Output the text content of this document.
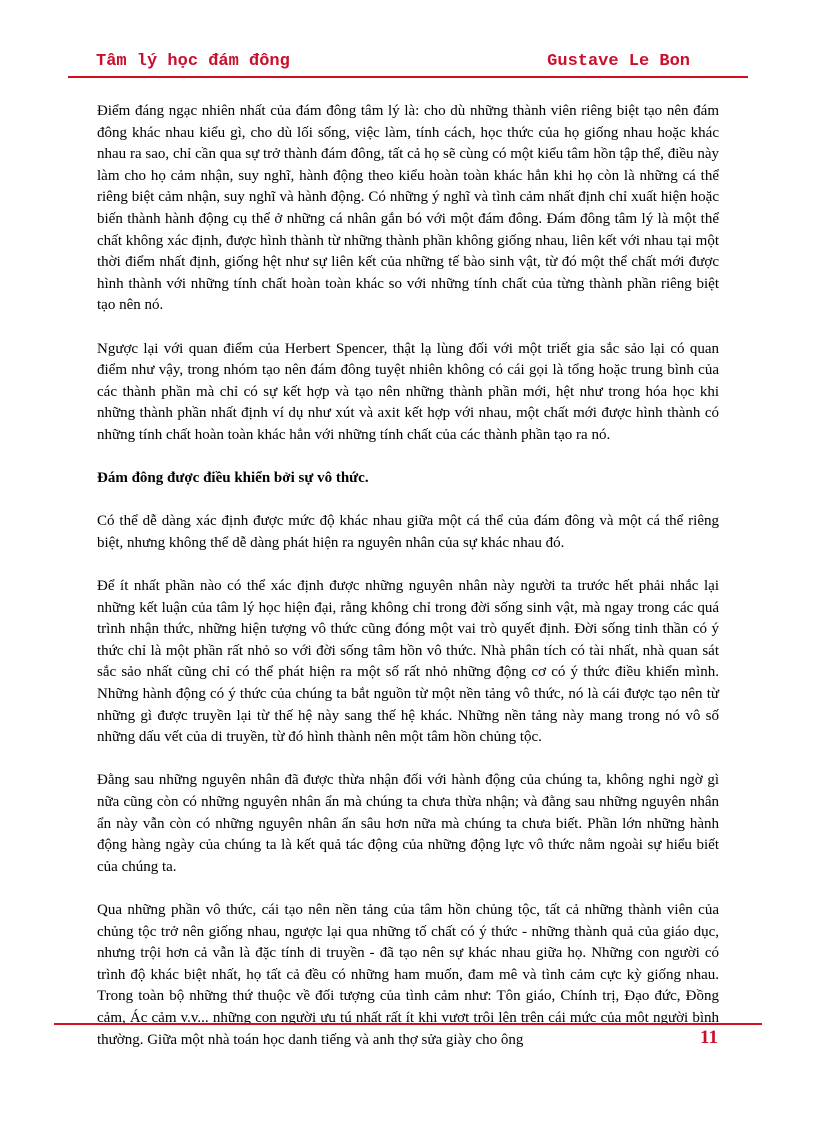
Tâm lý học đám đông	Gustave Le Bon

Điểm đáng ngạc nhiên nhất của đám đông tâm lý là: cho dù những thành viên riêng biệt tạo nên đám đông khác nhau kiểu gì, cho dù lối sống, việc làm, tính cách, học thức của họ giống nhau hoặc khác nhau ra sao, chỉ cần qua sự trở thành đám đông, tất cả họ sẽ cùng có một kiểu tâm hồn tập thể, điều này làm cho họ cảm nhận, suy nghĩ, hành động theo kiểu hoàn toàn khác hẳn khi họ còn là những cá thể riêng biệt cảm nhận, suy nghĩ và hành động. Có những ý nghĩ và tình cảm nhất định chỉ xuất hiện hoặc biến thành hành động cụ thể ở những cá nhân gắn bó với một đám đông. Đám đông tâm lý là một thể chất không xác định, được hình thành từ những thành phần không giống nhau, liên kết với nhau tại một thời điểm nhất định, giống hệt như sự liên kết của những tế bào sinh vật, từ đó một thể chất mới được hình thành với những tính chất hoàn toàn khác so với những tính chất của từng thành phần riêng biệt tạo nên nó.

Ngược lại với quan điểm của Herbert Spencer, thật lạ lùng đối với một triết gia sắc sảo lại có quan điểm như vậy, trong nhóm tạo nên đám đông tuyệt nhiên không có cái gọi là tổng hoặc trung bình của các thành phần mà chỉ có sự kết hợp và tạo nên những thành phần mới, hệt như trong hóa học khi những thành phần nhất định ví dụ như xút và axit kết hợp với nhau, một chất mới được hình thành có những tính chất hoàn toàn khác hẳn với những tính chất của các thành phần tạo ra nó.

Đám đông được điều khiển bởi sự vô thức.

Có thể dễ dàng xác định được mức độ khác nhau giữa một cá thể của đám đông và một cá thể riêng biệt, nhưng không thể dễ dàng phát hiện ra nguyên nhân của sự khác nhau đó.

Để ít nhất phần nào có thể xác định được những nguyên nhân này người ta trước hết phải nhắc lại những kết luận của tâm lý học hiện đại, rằng không chỉ trong đời sống sinh vật, mà ngay trong các quá trình nhận thức, những hiện tượng vô thức cũng đóng một vai trò quyết định. Đời sống tinh thần có ý thức chỉ là một phần rất nhỏ so với đời sống tâm hồn vô thức. Nhà phân tích có tài nhất, nhà quan sát sắc sảo nhất cũng chỉ có thể phát hiện ra một số rất nhỏ những động cơ có ý thức điều khiển mình. Những hành động có ý thức của chúng ta bắt nguồn từ một nền tảng vô thức, nó là cái được tạo nên từ những gì được truyền lại từ thế hệ này sang thế hệ khác. Những nền tảng này mang trong nó vô số những dấu vết của di truyền, từ đó hình thành nên một tâm hồn chủng tộc.

Đằng sau những nguyên nhân đã được thừa nhận đối với hành động của chúng ta, không nghi ngờ gì nữa cũng còn có những nguyên nhân ẩn mà chúng ta chưa thừa nhận; và đằng sau những nguyên nhân ẩn này vẫn còn có những nguyên nhân ẩn sâu hơn nữa mà chúng ta chưa biết. Phần lớn những hành động hàng ngày của chúng ta là kết quả tác động của những động lực vô thức nằm ngoài sự hiểu biết của chúng ta.

Qua những phần vô thức, cái tạo nên nền tảng của tâm hồn chủng tộc, tất cả những thành viên của chủng tộc trở nên giống nhau, ngược lại qua những tố chất có ý thức - những thành quả của giáo dục, nhưng trội hơn cả vẫn là đặc tính di truyền - đã tạo nên sự khác nhau giữa họ. Những con người có trình độ khác biệt nhất, họ tất cả đều có những ham muốn, đam mê và tình cảm cực kỳ giống nhau. Trong toàn bộ những thứ thuộc về đối tượng của tình cảm như: Tôn giáo, Chính trị, Đạo đức, Đồng cảm, Ác cảm v.v... những con người ưu tú nhất rất ít khi vượt trội lên trên cái mức của một người bình thường. Giữa một nhà toán học danh tiếng và anh thợ sửa giày cho ông	11
